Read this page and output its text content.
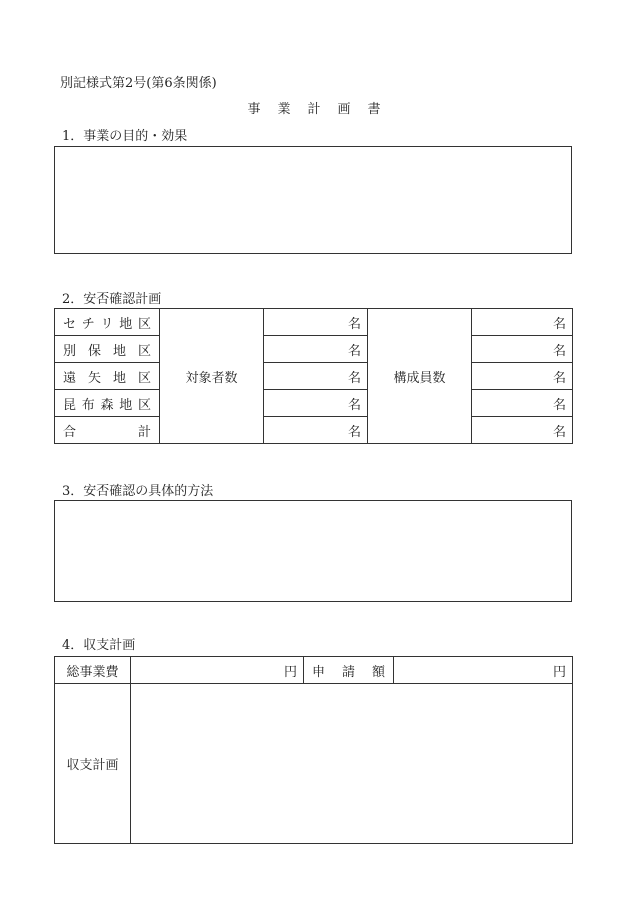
別記様式第2号(第6条関係)
事　業　計　画　書
1．事業の目的・効果
2．安否確認計画
セチリ地区	対象者数	名	構成員数	名
別保地区		名		名
遠矢地区		名		名
昆布森地区		名		名
合計		名		名
3．安否確認の具体的方法
4．収支計画
総事業費	円	申請額	円
収支計画			
